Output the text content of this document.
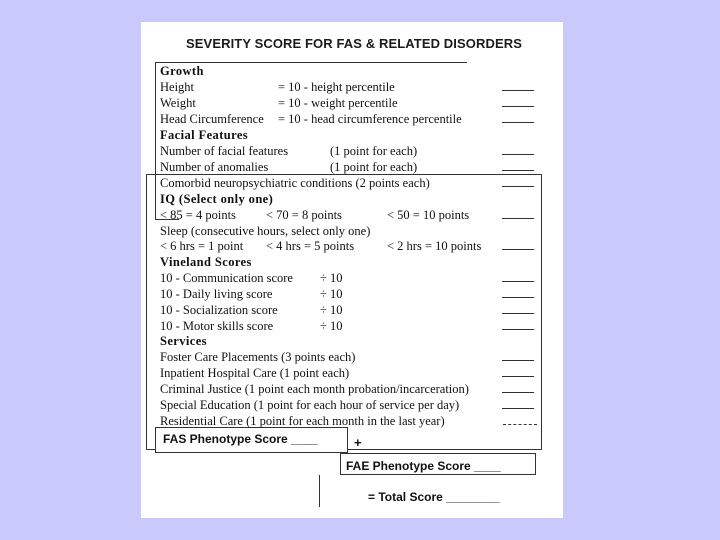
SEVERITY SCORE FOR FAS & RELATED DISORDERS
Growth
Height	= 10 - height percentile
Weight	= 10 - weight percentile
Head Circumference = 10 - head circumference percentile
Facial Features
Number of facial features	(1 point for each)
Number of anomalies	(1 point for each)
Comorbid neuropsychiatric conditions (2 points each)
IQ (Select only one)
< 85 = 4 points < 70 = 8 points	< 50 = 10 points
Sleep (consecutive hours, select only one)
< 6 hrs = 1 point < 4 hrs = 5 points	< 2 hrs = 10 points
Vineland Scores
10 - Communication score ÷ 10
10 - Daily living score	÷ 10
10 - Socialization score	÷ 10
10 - Motor skills score	÷ 10
Services
Foster Care Placements (3 points each)
Inpatient Hospital Care (1 point each)
Criminal Justice (1 point each month probation/incarceration)
Special Education (1 point for each hour of service per day)
Residential Care (1 point for each month in the last year)
FAS Phenotype Score ____	+
FAE Phenotype Score ____
= Total Score ________
